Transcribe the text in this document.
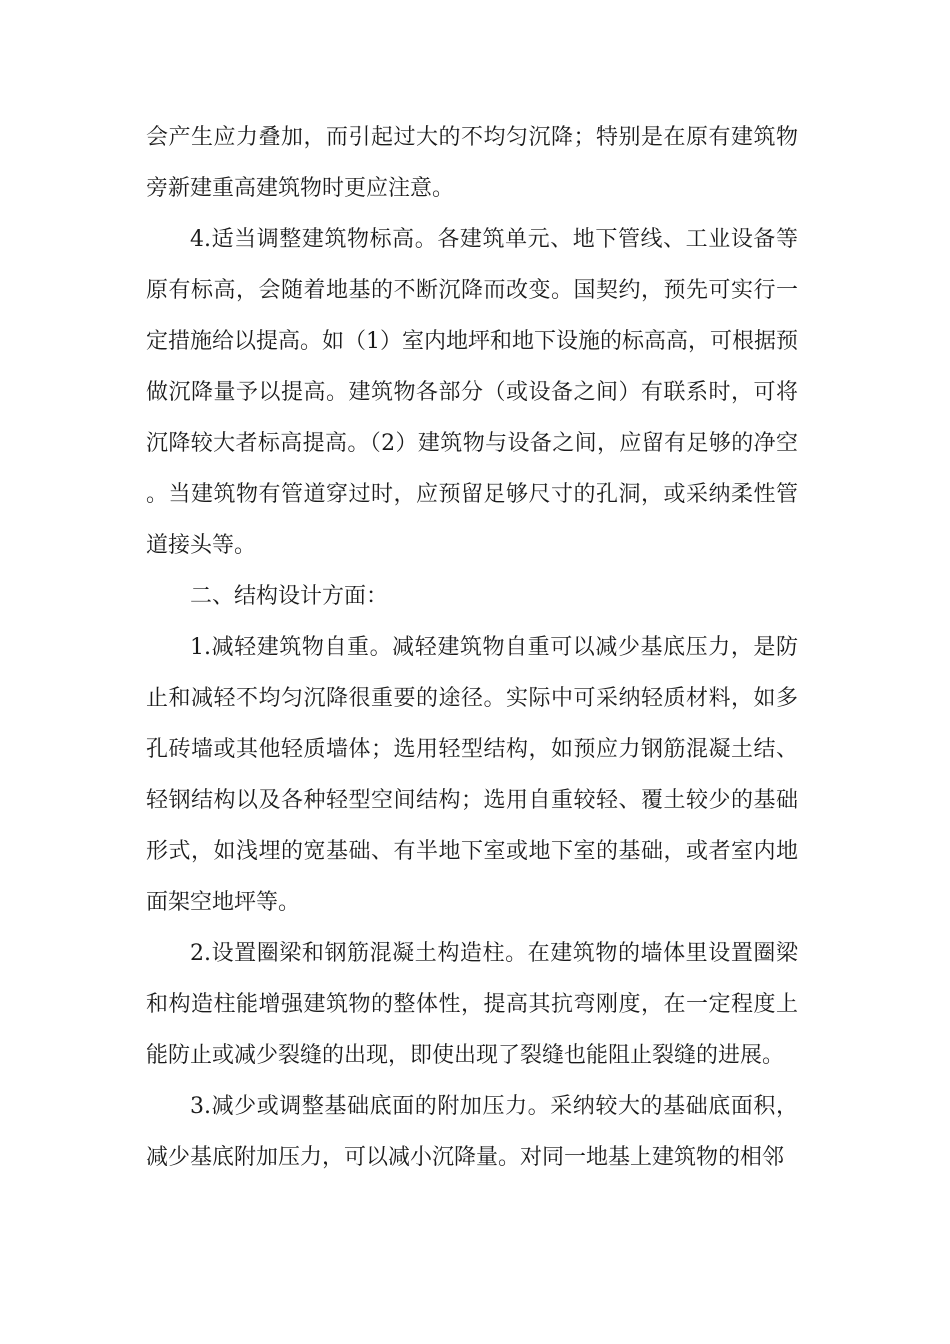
会产生应力叠加，而引起过大的不均匀沉降；特别是在原有建筑物旁新建重高建筑物时更应注意。

4.适当调整建筑物标高。各建筑单元、地下管线、工业设备等原有标高，会随着地基的不断沉降而改变。国契约，预先可实行一定措施给以提高。如（1）室内地坪和地下设施的标高高，可根据预做沉降量予以提高。建筑物各部分（或设备之间）有联系时，可将沉降较大者标高提高。（2）建筑物与设备之间，应留有足够的净空。当建筑物有管道穿过时，应预留足够尺寸的孔洞，或采纳柔性管道接头等。

二、结构设计方面：

1.减轻建筑物自重。减轻建筑物自重可以减少基底压力，是防止和减轻不均匀沉降很重要的途径。实际中可采纳轻质材料，如多孔砖墙或其他轻质墙体；选用轻型结构，如预应力钢筋混凝土结、轻钢结构以及各种轻型空间结构；选用自重较轻、覆土较少的基础形式，如浅埋的宽基础、有半地下室或地下室的基础，或者室内地面架空地坪等。

2.设置圈梁和钢筋混凝土构造柱。在建筑物的墙体里设置圈梁和构造柱能增强建筑物的整体性，提高其抗弯刚度，在一定程度上能防止或减少裂缝的出现，即使出现了裂缝也能阻止裂缝的进展。

3.减少或调整基础底面的附加压力。采纳较大的基础底面积，减少基底附加压力，可以减小沉降量。对同一地基上建筑物的相邻
